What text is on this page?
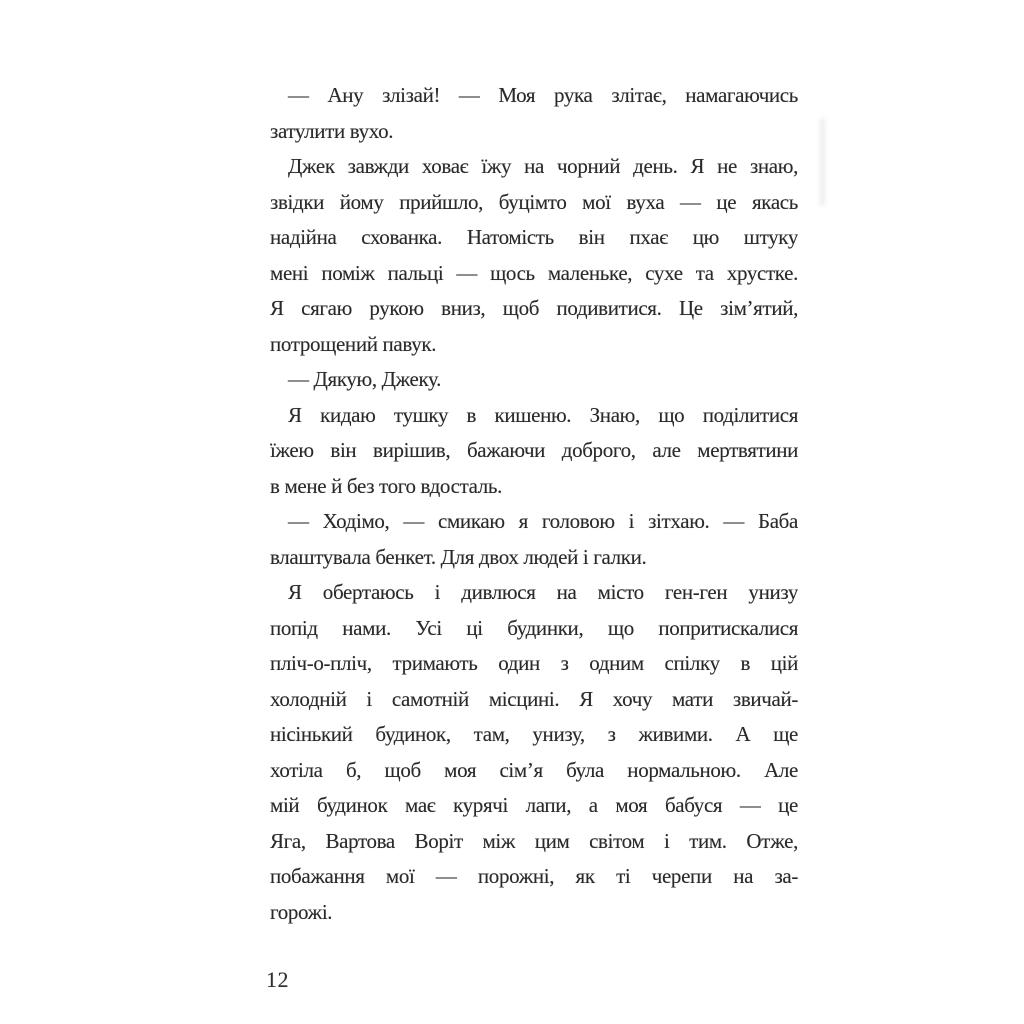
— Ану злізай! — Моя рука злітає, намагаючись
затулити вухо.
Джек завжди ховає їжу на чорний день. Я не знаю,
звідки йому прийшло, буцімто мої вуха — це якась
надійна схованка. Натомість він пхає цю штуку
мені поміж пальці — щось маленьке, сухе та хрустке.
Я сягаю рукою вниз, щоб подивитися. Це зім’ятий,
потрощений павук.
— Дякую, Джеку.
Я кидаю тушку в кишеню. Знаю, що поділитися
їжею він вирішив, бажаючи доброго, але мертвятини
в мене й без того вдосталь.
— Ходімо, — смикаю я головою і зітхаю. — Баба
влаштувала бенкет. Для двох людей і галки.
Я обертаюсь і дивлюся на місто ген-ген унизу
попід нами. Усі ці будинки, що попритискалися
пліч-о-пліч, тримають один з одним спілку в цій
холодній і самотній місцині. Я хочу мати звичай-
нісінький будинок, там, унизу, з живими. А ще
хотіла б, щоб моя сім’я була нормальною. Але
мій будинок має курячі лапи, а моя бабуся — це
Яга, Вартова Воріт між цим світом і тим. Отже,
побажання мої — порожні, як ті черепи на за-
горожі.
12
